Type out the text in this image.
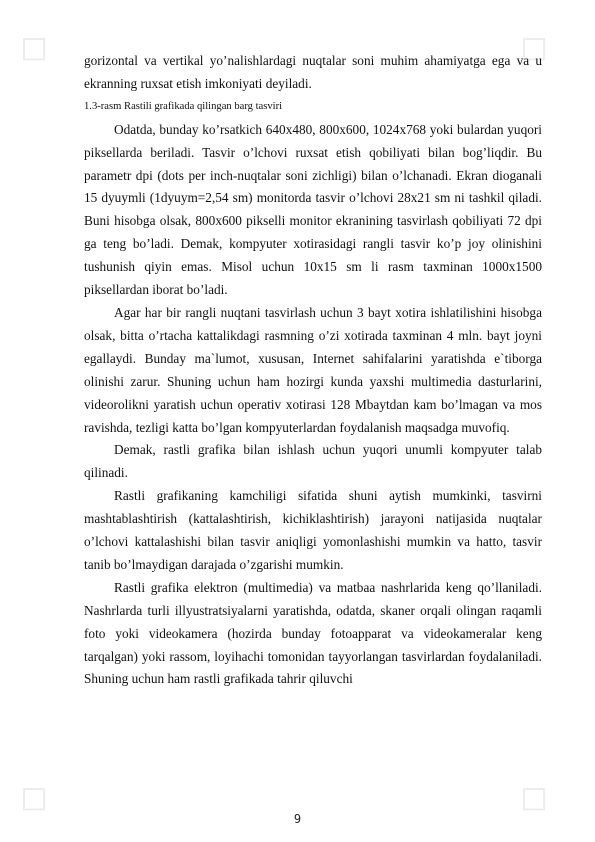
◻	◻
◻	◻

gorizontal va vertikal yo’nalishlardagi nuqtalar soni muhim ahamiyatga ega va u ekranning ruxsat etish imkoniyati deyiladi.

1.3-rasm Rastili grafikada qilingan barg tasviri

Odatda, bunday ko’rsatkich 640x480, 800x600, 1024x768 yoki bulardan yuqori piksellarda beriladi. Tasvir o’lchovi ruxsat etish qobiliyati bilan bog’liqdir. Bu parametr dpi (dots per inch-nuqtalar soni zichligi) bilan o’lchanadi. Ekran dioganali 15 dyuymli (1dyuym=2,54 sm) monitorda tasvir o’lchovi 28x21 sm ni tashkil qiladi. Buni hisobga olsak, 800x600 pikselli monitor ekranining tasvirlash qobiliyati 72 dpi ga teng bo’ladi. Demak, kompyuter xotirasidagi rangli tasvir ko’p joy olinishini tushunish qiyin emas. Misol uchun 10x15 sm li rasm taxminan 1000x1500 piksellardan iborat bo’ladi.

Agar har bir rangli nuqtani tasvirlash uchun 3 bayt xotira ishlatilishini hisobga olsak, bitta o’rtacha kattalikdagi rasmning o’zi xotirada taxminan 4 mln. bayt joyni egallaydi. Bunday ma`lumot, xususan, Internet sahifalarini yaratishda e`tiborga olinishi zarur. Shuning uchun ham hozirgi kunda yaxshi multimedia dasturlarini, videorolikni yaratish uchun operativ xotirasi 128 Mbaytdan kam bo’lmagan va mos ravishda, tezligi katta bo’lgan kompyuterlardan foydalanish maqsadga muvofiq.

Demak, rastli grafika bilan ishlash uchun yuqori unumli kompyuter talab qilinadi.

Rastli grafikaning kamchiligi sifatida shuni aytish mumkinki, tasvirni mashtablashtirish (kattalashtirish, kichiklashtirish) jarayoni natijasida nuqtalar o’lchovi kattalashishi bilan tasvir aniqligi yomonlashishi mumkin va hatto, tasvir tanib bo’lmaydigan darajada o’zgarishi mumkin.

Rastli grafika elektron (multimedia) va matbaa nashrlarida keng qo’llaniladi. Nashrlarda turli illyustratsiyalarni yaratishda, odatda, skaner orqali olingan raqamli foto yoki videokamera (hozirda bunday fotoapparat va videokameralar keng tarqalgan) yoki rassom, loyihachi tomonidan tayyorlangan tasvirlardan foydalaniladi. Shuning uchun ham rastli grafikada tahrir qiluvchi

9
